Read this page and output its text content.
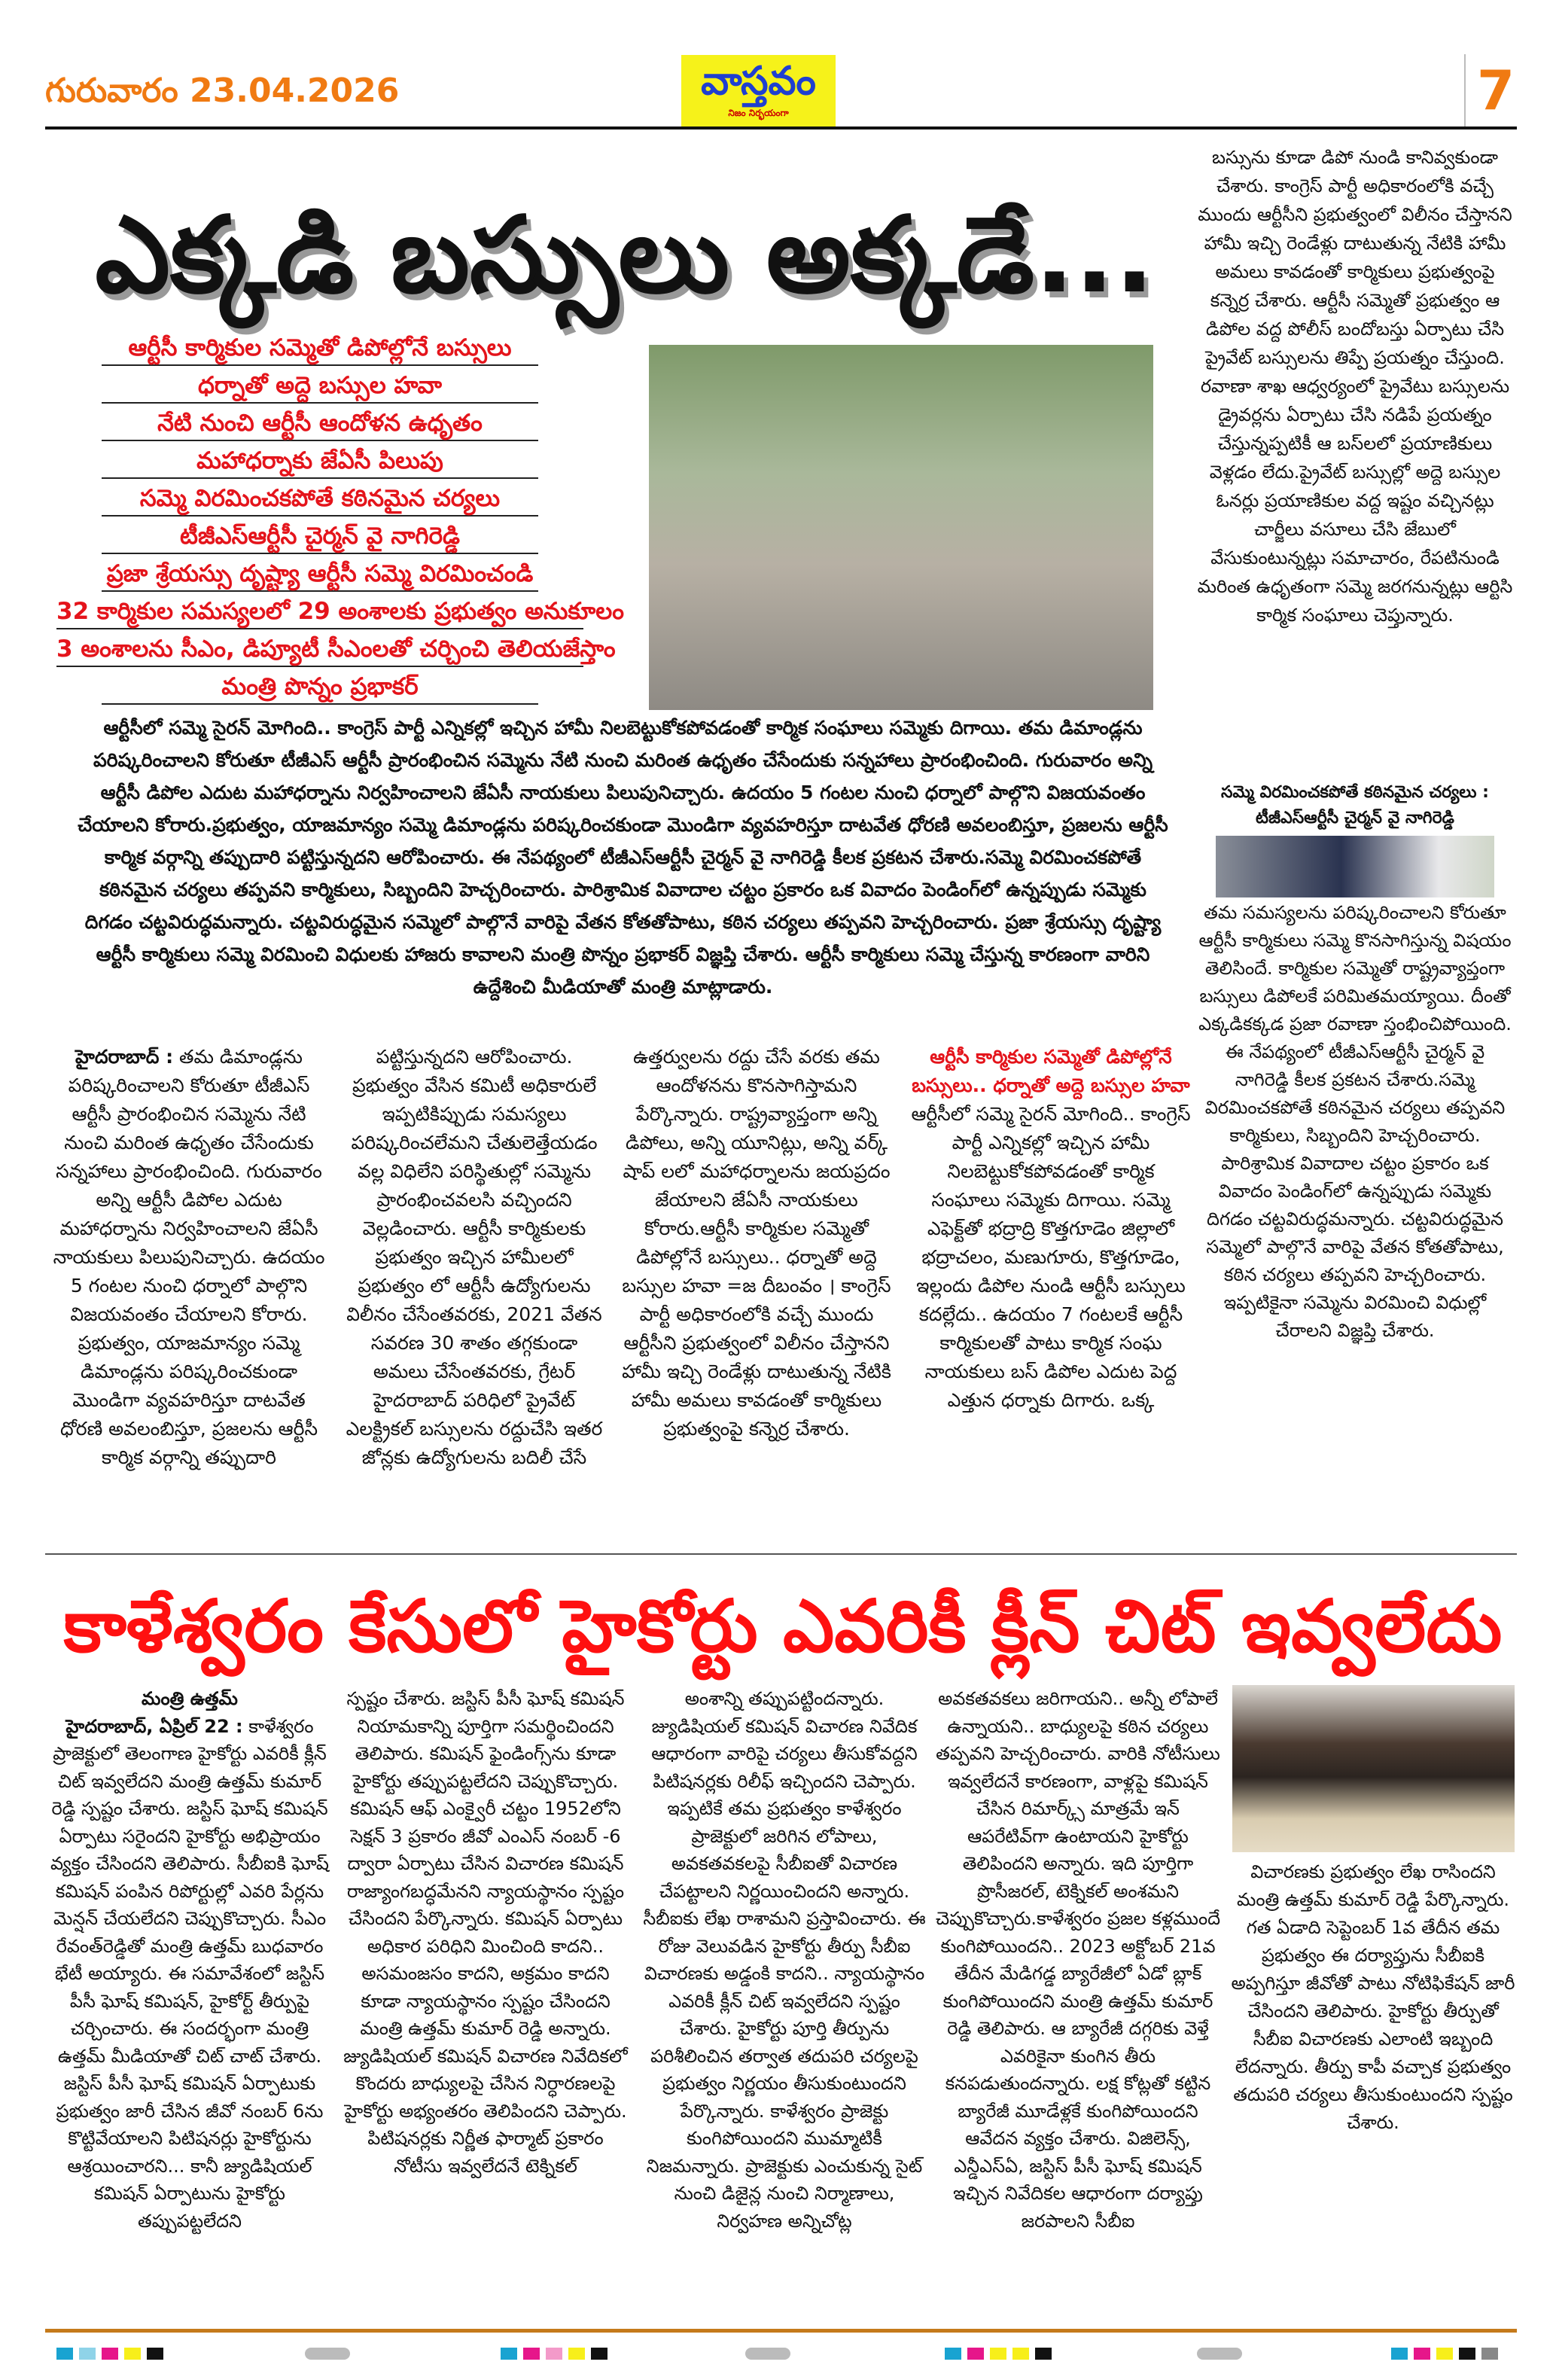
గురువారం 23.04.2026	వాస్తవం
నిజం నిర్భయంగా	7
ఎక్కడి బస్సులు అక్కడే...
ఆర్టీసీ కార్మికుల సమ్మెతో డిపోల్లోనే బస్సులు
ధర్నాతో అద్దె బస్సుల హవా
నేటి నుంచి ఆర్టీసీ ఆందోళన ఉధృతం
మహాధర్నాకు జేఏసీ పిలుపు
సమ్మె విరమించకపోతే కఠినమైన చర్యలు
టీజీఎస్ఆర్టీసీ చైర్మన్ వై నాగిరెడ్డి
ప్రజా శ్రేయస్సు దృష్ట్యా ఆర్టీసీ సమ్మె విరమించండి
32 కార్మికుల సమస్యలలో 29 అంశాలకు ప్రభుత్వం అనుకూలం
3 అంశాలను సీఎం, డిప్యూటీ సీఎంలతో చర్చించి తెలియజేస్తాం
మంత్రి పొన్నం ప్రభాకర్
ఆర్టీసీలో సమ్మె సైరన్ మోగింది.. కాంగ్రెస్ పార్టీ ఎన్నికల్లో ఇచ్చిన హామీ నిలబెట్టుకోకపోవడంతో కార్మిక సంఘాలు సమ్మెకు దిగాయి. తమ డిమాండ్లను పరిష్కరించాలని కోరుతూ టీజీఎస్ ఆర్టీసీ ప్రారంభించిన సమ్మెను నేటి నుంచి మరింత ఉధృతం చేసేందుకు సన్నహాలు ప్రారంభించింది. గురువారం అన్ని ఆర్టీసీ డిపోల ఎదుట మహాధర్నాను నిర్వహించాలని జేఏసీ నాయకులు పిలుపునిచ్చారు. ఉదయం 5 గంటల నుంచి ధర్నాలో పాల్గొని విజయవంతం చేయాలని కోరారు.ప్రభుత్వం, యాజమాన్యం సమ్మె డిమాండ్లను పరిష్కరించకుండా మొండిగా వ్యవహరిస్తూ దాటవేత ధోరణి అవలంబిస్తూ, ప్రజలను ఆర్టీసీ కార్మిక వర్గాన్ని తప్పుదారి పట్టిస్తున్నదని ఆరోపించారు. ఈ నేపథ్యంలో టీజీఎస్ఆర్టీసీ చైర్మన్ వై నాగిరెడ్డి కీలక ప్రకటన చేశారు.సమ్మె విరమించకపోతే కఠినమైన చర్యలు తప్పవని కార్మికులు, సిబ్బందిని హెచ్చరించారు. పారిశ్రామిక వివాదాల చట్టం ప్రకారం ఒక వివాదం పెండింగ్‌లో ఉన్నప్పుడు సమ్మెకు దిగడం చట్టవిరుద్ధమన్నారు. చట్టవిరుద్ధమైన సమ్మెలో పాల్గొనే వారిపై వేతన కోతతోపాటు, కఠిన చర్యలు తప్పవని హెచ్చరించారు. ప్రజా శ్రేయస్సు దృష్ట్యా ఆర్టీసీ కార్మికులు సమ్మె విరమించి విధులకు హాజరు కావాలని మంత్రి పొన్నం ప్రభాకర్ విజ్ఞప్తి చేశారు. ఆర్టీసీ కార్మికులు సమ్మె చేస్తున్న కారణంగా వారిని ఉద్దేశించి మీడియాతో మంత్రి మాట్లాడారు.
హైదరాబాద్ : తమ డిమాండ్లను పరిష్కరించాలని కోరుతూ టీజీఎస్ ఆర్టీసీ ప్రారంభించిన సమ్మెను నేటి నుంచి మరింత ఉధృతం చేసేందుకు సన్నహాలు ప్రారంభించింది. గురువారం అన్ని ఆర్టీసీ డిపోల ఎదుట మహాధర్నాను నిర్వహించాలని జేఏసీ నాయకులు పిలుపునిచ్చారు. ఉదయం 5 గంటల నుంచి ధర్నాలో పాల్గొని విజయవంతం చేయాలని కోరారు. ప్రభుత్వం, యాజమాన్యం సమ్మె డిమాండ్లను పరిష్కరించకుండా మొండిగా వ్యవహరిస్తూ దాటవేత ధోరణి అవలంబిస్తూ, ప్రజలను ఆర్టీసీ కార్మిక వర్గాన్ని తప్పుదారి
పట్టిస్తున్నదని ఆరోపించారు. ప్రభుత్వం వేసిన కమిటీ అధికారులే ఇప్పటికిప్పుడు సమస్యలు పరిష్కరించలేమని చేతులెత్తేయడం వల్ల విధిలేని పరిస్థితుల్లో సమ్మెను ప్రారంభించవలసి వచ్చిందని వెల్లడించారు. ఆర్టీసీ కార్మికులకు ప్రభుత్వం ఇచ్చిన హామీలలో ప్రభుత్వం లో ఆర్టీసీ ఉద్యోగులను విలీనం చేసేంతవరకు, 2021 వేతన సవరణ 30 శాతం తగ్గకుండా అమలు చేసేంతవరకు, గ్రేటర్ హైదరాబాద్ పరిధిలో ప్రైవేట్ ఎలక్ట్రికల్ బస్సులను రద్దుచేసి ఇతర జోన్లకు ఉద్యోగులను బదిలీ చేసే
ఉత్తర్వులను రద్దు చేసే వరకు తమ ఆందోళనను కొనసాగిస్తామని పేర్కొన్నారు. రాష్ట్రవ్యాప్తంగా అన్ని డిపోలు, అన్ని యూనిట్లు, అన్ని వర్క్ షాప్ లలో మహాధర్నాలను జయప్రదం జేయాలని జేఏసీ నాయకులు కోరారు.ఆర్టీసీ కార్మికుల సమ్మెతో డిపోల్లోనే బస్సులు.. ధర్నాతో అద్దె బస్సుల హవా =జ దీబంవం । కాంగ్రెస్ పార్టీ అధికారంలోకి వచ్చే ముందు ఆర్టీసీని ప్రభుత్వంలో విలీనం చేస్తానని హామీ ఇచ్చి రెండేళ్లు దాటుతున్న నేటికి హామీ అమలు కావడంతో కార్మికులు ప్రభుత్వంపై కన్నెర్ర చేశారు.
ఆర్టీసీ కార్మికుల సమ్మెతో డిపోల్లోనే బస్సులు.. ధర్నాతో అద్దె బస్సుల హవా
ఆర్టీసీలో సమ్మె సైరన్ మోగింది.. కాంగ్రెస్ పార్టీ ఎన్నికల్లో ఇచ్చిన హామీ నిలబెట్టుకోకపోవడంతో కార్మిక సంఘాలు సమ్మెకు దిగాయి. సమ్మె ఎఫెక్ట్‌తో భద్రాద్రి కొత్తగూడెం జిల్లాలో భద్రాచలం, మణుగూరు, కొత్తగూడెం, ఇల్లందు డిపోల నుండి ఆర్టీసీ బస్సులు కదల్లేదు.. ఉదయం 7 గంటలకే ఆర్టీసీ కార్మికులతో పాటు కార్మిక సంఘ నాయకులు బస్ డిపోల ఎదుట పెద్ద ఎత్తున ధర్నాకు దిగారు. ఒక్క
బస్సును కూడా డిపో నుండి కానివ్వకుండా చేశారు. కాంగ్రెస్ పార్టీ అధికారంలోకి వచ్చే ముందు ఆర్టీసీని ప్రభుత్వంలో విలీనం చేస్తానని హామీ ఇచ్చి రెండేళ్లు దాటుతున్న నేటికి హామీ అమలు కావడంతో కార్మికులు ప్రభుత్వంపై కన్నెర్ర చేశారు. ఆర్టీసీ సమ్మెతో ప్రభుత్వం ఆ డిపోల వద్ద పోలీస్ బందోబస్తు ఏర్పాటు చేసి ప్రైవేట్ బస్సులను తిప్పే ప్రయత్నం చేస్తుంది. రవాణా శాఖ ఆధ్వర్యంలో ప్రైవేటు బస్సులను డ్రైవర్లను ఏర్పాటు చేసి నడిపే ప్రయత్నం చేస్తున్నప్పటికీ ఆ బస్‌లలో ప్రయాణికులు వెళ్లడం లేదు.ప్రైవేట్ బస్సుల్లో అద్దె బస్సుల ఓనర్లు ప్రయాణికుల వద్ద ఇష్టం వచ్చినట్లు చార్జీలు వసూలు చేసి జేబులో వేసుకుంటున్నట్లు సమాచారం, రేపటినుండి మరింత ఉధృతంగా సమ్మె జరగనున్నట్లు ఆర్టిసి కార్మిక సంఘాలు చెప్తున్నారు.
సమ్మె విరమించకపోతే కఠినమైన చర్యలు : టీజీఎస్ఆర్టీసీ చైర్మన్ వై నాగిరెడ్డి
తమ సమస్యలను పరిష్కరించాలని కోరుతూ ఆర్టీసీ కార్మికులు సమ్మె కొనసాగిస్తున్న విషయం తెలిసిందే. కార్మికుల సమ్మెతో రాష్ట్రవ్యాప్తంగా బస్సులు డిపోలకే పరిమితమయ్యాయి. దీంతో ఎక్కడికక్కడ ప్రజా రవాణా స్తంభించిపోయింది. ఈ నేపథ్యంలో టీజీఎస్ఆర్టీసీ చైర్మన్ వై నాగిరెడ్డి కీలక ప్రకటన చేశారు.సమ్మె విరమించకపోతే కఠినమైన చర్యలు తప్పవని కార్మికులు, సిబ్బందిని హెచ్చరించారు. పారిశ్రామిక వివాదాల చట్టం ప్రకారం ఒక వివాదం పెండింగ్‌లో ఉన్నప్పుడు సమ్మెకు దిగడం చట్టవిరుద్ధమన్నారు. చట్టవిరుద్ధమైన సమ్మెలో పాల్గొనే వారిపై వేతన కోతతోపాటు, కఠిన చర్యలు తప్పవని హెచ్చరించారు. ఇప్పటికైనా సమ్మెను విరమించి విధుల్లో చేరాలని విజ్ఞప్తి చేశారు.
కాళేశ్వరం కేసులో హైకోర్టు ఎవరికీ క్లీన్ చిట్ ఇవ్వలేదు
మంత్రి ఉత్తమ్
హైదరాబాద్, ఏప్రిల్ 22 : కాళేశ్వరం ప్రాజెక్టులో తెలంగాణ హైకోర్టు ఎవరికీ క్లీన్ చిట్ ఇవ్వలేదని మంత్రి ఉత్తమ్ కుమార్ రెడ్డి స్పష్టం చేశారు. జస్టిస్ ఘోష్ కమిషన్ ఏర్పాటు సరైందని హైకోర్టు అభిప్రాయం వ్యక్తం చేసిందని తెలిపారు. సీబీఐకి ఘోష్ కమిషన్ పంపిన రిపోర్టుల్లో ఎవరి పేర్లను మెన్షన్ చేయలేదని చెప్పుకొచ్చారు. సీఎం రేవంత్‌రెడ్డితో మంత్రి ఉత్తమ్ బుధవారం భేటీ అయ్యారు. ఈ సమావేశంలో జస్టిస్ పీసీ ఘోష్ కమిషన్, హైకోర్ట్ తీర్పుపై చర్చించారు. ఈ సందర్భంగా మంత్రి ఉత్తమ్ మీడియాతో చిట్ చాట్ చేశారు. జస్టిస్ పీసీ ఘోష్ కమిషన్ ఏర్పాటుకు ప్రభుత్వం జారీ చేసిన జీవో నంబర్ 6ను కొట్టివేయాలని పిటిషనర్లు హైకోర్టును ఆశ్రయించారని... కానీ జ్యుడిషియల్ కమిషన్ ఏర్పాటును హైకోర్టు తప్పుపట్టలేదని
స్పష్టం చేశారు. జస్టిస్ పీసీ ఘోష్ కమిషన్ నియామకాన్ని పూర్తిగా సమర్థించిందని తెలిపారు. కమిషన్ ఫైండింగ్స్‌ను కూడా హైకోర్టు తప్పుపట్టలేదని చెప్పుకొచ్చారు. కమిషన్ ఆఫ్ ఎంక్వైరీ చట్టం 1952లోని సెక్షన్ 3 ప్రకారం జీవో ఎంఎస్ నంబర్ -6 ద్వారా ఏర్పాటు చేసిన విచారణ కమిషన్ రాజ్యాంగబద్ధమేనని న్యాయస్థానం స్పష్టం చేసిందని పేర్కొన్నారు. కమిషన్ ఏర్పాటు అధికార పరిధిని మించింది కాదని.. అసమంజసం కాదని, అక్రమం కాదని కూడా న్యాయస్థానం స్పష్టం చేసిందని మంత్రి ఉత్తమ్ కుమార్ రెడ్డి అన్నారు. జ్యుడిషియల్ కమిషన్ విచారణ నివేదికలో కొందరు బాధ్యులపై చేసిన నిర్ధారణలపై హైకోర్టు అభ్యంతరం తెలిపిందని చెప్పారు. పిటిషనర్లకు నిర్ణీత ఫార్మాట్ ప్రకారం నోటీసు ఇవ్వలేదనే టెక్నికల్
అంశాన్ని తప్పుపట్టిందన్నారు. జ్యుడిషియల్ కమిషన్ విచారణ నివేదిక ఆధారంగా వారిపై చర్యలు తీసుకోవద్దని పిటిషనర్లకు రిలీఫ్ ఇచ్చిందని చెప్పారు. ఇప్పటికే తమ ప్రభుత్వం కాళేశ్వరం ప్రాజెక్టులో జరిగిన లోపాలు, అవకతవకలపై సీబీఐతో విచారణ చేపట్టాలని నిర్ణయించిందని అన్నారు. సీబీఐకు లేఖ రాశామని ప్రస్తావించారు. ఈ రోజు వెలువడిన హైకోర్టు తీర్పు సీబీఐ విచారణకు అడ్డంకి కాదని.. న్యాయస్థానం ఎవరికీ క్లీన్ చిట్ ఇవ్వలేదని స్పష్టం చేశారు. హైకోర్టు పూర్తి తీర్పును పరిశీలించిన తర్వాత తదుపరి చర్యలపై ప్రభుత్వం నిర్ణయం తీసుకుంటుందని పేర్కొన్నారు. కాళేశ్వరం ప్రాజెక్టు కుంగిపోయిందని ముమ్మాటికీ నిజమన్నారు. ప్రాజెక్టుకు ఎంచుకున్న సైట్ నుంచి డిజైన్ల నుంచి నిర్మాణాలు, నిర్వహణ అన్నిచోట్ల
అవకతవకలు జరిగాయని.. అన్నీ లోపాలే ఉన్నాయని.. బాధ్యులపై కఠిన చర్యలు తప్పవని హెచ్చరించారు. వారికి నోటీసులు ఇవ్వలేదనే కారణంగా, వాళ్లపై కమిషన్ చేసిన రిమార్క్స్ మాత్రమే ఇన్ ఆపరేటివ్‌గా ఉంటాయని హైకోర్టు తెలిపిందని అన్నారు. ఇది పూర్తిగా ప్రొసీజరల్, టెక్నికల్ అంశమని చెప్పుకొచ్చారు.కాళేశ్వరం ప్రజల కళ్లముందే కుంగిపోయిందని.. 2023 అక్టోబర్ 21వ తేదీన మేడిగడ్డ బ్యారేజీలో ఏడో బ్లాక్ కుంగిపోయిందని మంత్రి ఉత్తమ్ కుమార్ రెడ్డి తెలిపారు. ఆ బ్యారేజీ దగ్గరికు వెళ్తే ఎవరికైనా కుంగిన తీరు కనపడుతుందన్నారు. లక్ష కోట్లతో కట్టిన బ్యారేజీ మూడేళ్లకే కుంగిపోయిందని ఆవేదన వ్యక్తం చేశారు. విజిలెన్స్, ఎన్డీఎస్ఏ, జస్టిస్ పీసీ ఘోష్ కమిషన్ ఇచ్చిన నివేదికల ఆధారంగా దర్యాప్తు జరపాలని సీబీఐ
విచారణకు ప్రభుత్వం లేఖ రాసిందని మంత్రి ఉత్తమ్ కుమార్ రెడ్డి పేర్కొన్నారు. గత ఏడాది సెప్టెంబర్ 1వ తేదీన తమ ప్రభుత్వం ఈ దర్యాప్తును సీబీఐకి అప్పగిస్తూ జీవోతో పాటు నోటిఫికేషన్ జారీ చేసిందని తెలిపారు. హైకోర్టు తీర్పుతో సీబీఐ విచారణకు ఎలాంటి ఇబ్బంది లేదన్నారు. తీర్పు కాపీ వచ్చాక ప్రభుత్వం తదుపరి చర్యలు తీసుకుంటుందని స్పష్టం చేశారు.
